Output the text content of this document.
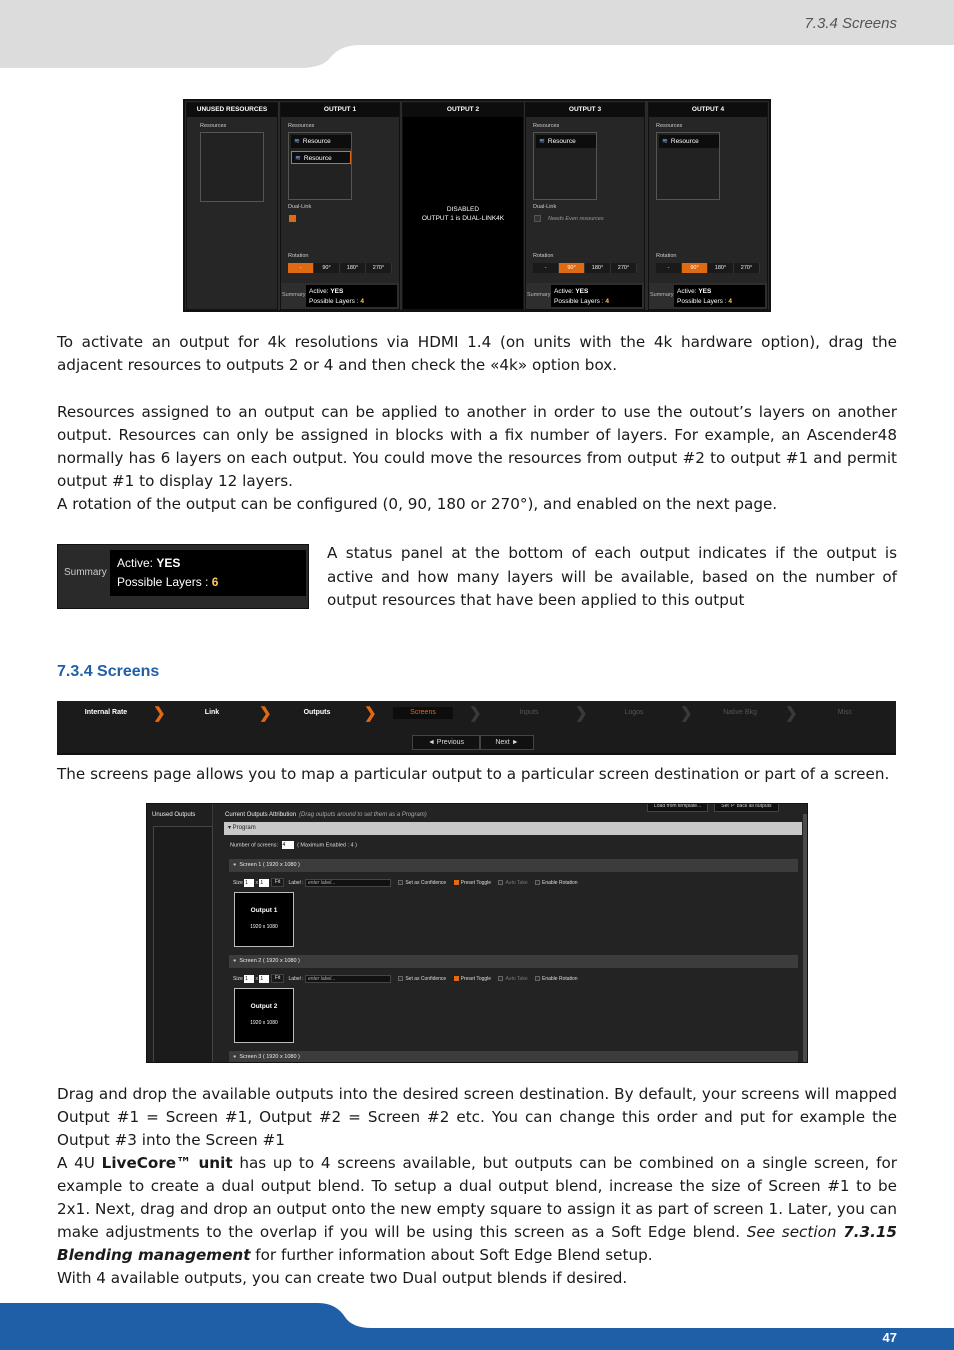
7.3.4 Screens
UNUSED RESOURCES
Resources
OUTPUT 1
Resources
≋ Resource
≋ Resource
Dual-Link
Rotation
-	90°	180°	270°
Summary Active: YES
Possible Layers : 4
OUTPUT 2
DISABLED
OUTPUT 1 is DUAL-LINK4K
OUTPUT 3
Resources
≋ Resource
Dual-Link
Needs Even resources
Rotation
-	90°	180°	270°
Summary Active: YES
Possible Layers : 4
OUTPUT 4
Resources
≋ Resource
Rotation
-	90°	180°	270°
Summary Active: YES
Possible Layers : 4
To activate an output for 4k resolutions via HDMI 1.4 (on units with the 4k hardware option), drag the adjacent resources to outputs 2 or 4 and then check the «4k» option box.
Resources assigned to an output can be applied to another in order to use the outout’s layers on another output. Resources can only be assigned in blocks with a fix number of layers. For example, an Ascender48 normally has 6 layers on each output. You could move the resources from output #2 to output #1 and permit output #1 to display 12 layers.
A rotation of the output can be configured (0, 90, 180 or 270°), and enabled on the next page.
Summary
Active: YES
Possible Layers : 6
A status panel at the bottom of each output indicates if the output is active and how many layers will be available, based on the number of output resources that have been applied to this output
7.3.4 Screens
Internal Rate	❯	Link	❯	Outputs	❯	Screens	❯	Inputs	❯	Logos	❯	Native Bkg	❯	Misc
◄ Previous	Next ►
The screens page allows you to map a particular output to a particular screen destination or part of a screen.
Unused Outputs
Load from template...	Set 'P' back all outputs
Current Outputs Attribution (Drag outputs around to set them as a Program)
▾ Program
Number of screens: 4 ( Maximum Enabled : 4 )
● Screen 1 ( 1920 x 1080 )
Size 1 x 1 Fit Label : enter label...	Set as Confidence	Preset Toggle	Auto Take	Enable Rotation
Output 1
1920 x 1080
● Screen 2 ( 1920 x 1080 )
Size 1 x 1 Fit Label : enter label...	Set as Confidence	Preset Toggle	Auto Take	Enable Rotation
Output 2
1920 x 1080
● Screen 3 ( 1920 x 1080 )
Drag and drop the available outputs into the desired screen destination. By default, your screens will mapped Output #1 = Screen #1, Output #2 = Screen #2 etc. You can change this order and put for example the Output #3 into the Screen #1
A 4U LiveCore™ unit has up to 4 screens available, but outputs can be combined on a single screen, for example to create a dual output blend. To setup a dual output blend, increase the size of Screen #1 to be 2x1. Next, drag and drop an output onto the new empty square to assign it as part of screen 1. Later, you can make adjustments to the overlap if you will be using this screen as a Soft Edge blend. See section 7.3.15 Blending management for further information about Soft Edge Blend setup.
With 4 available outputs, you can create two Dual output blends if desired.
47
